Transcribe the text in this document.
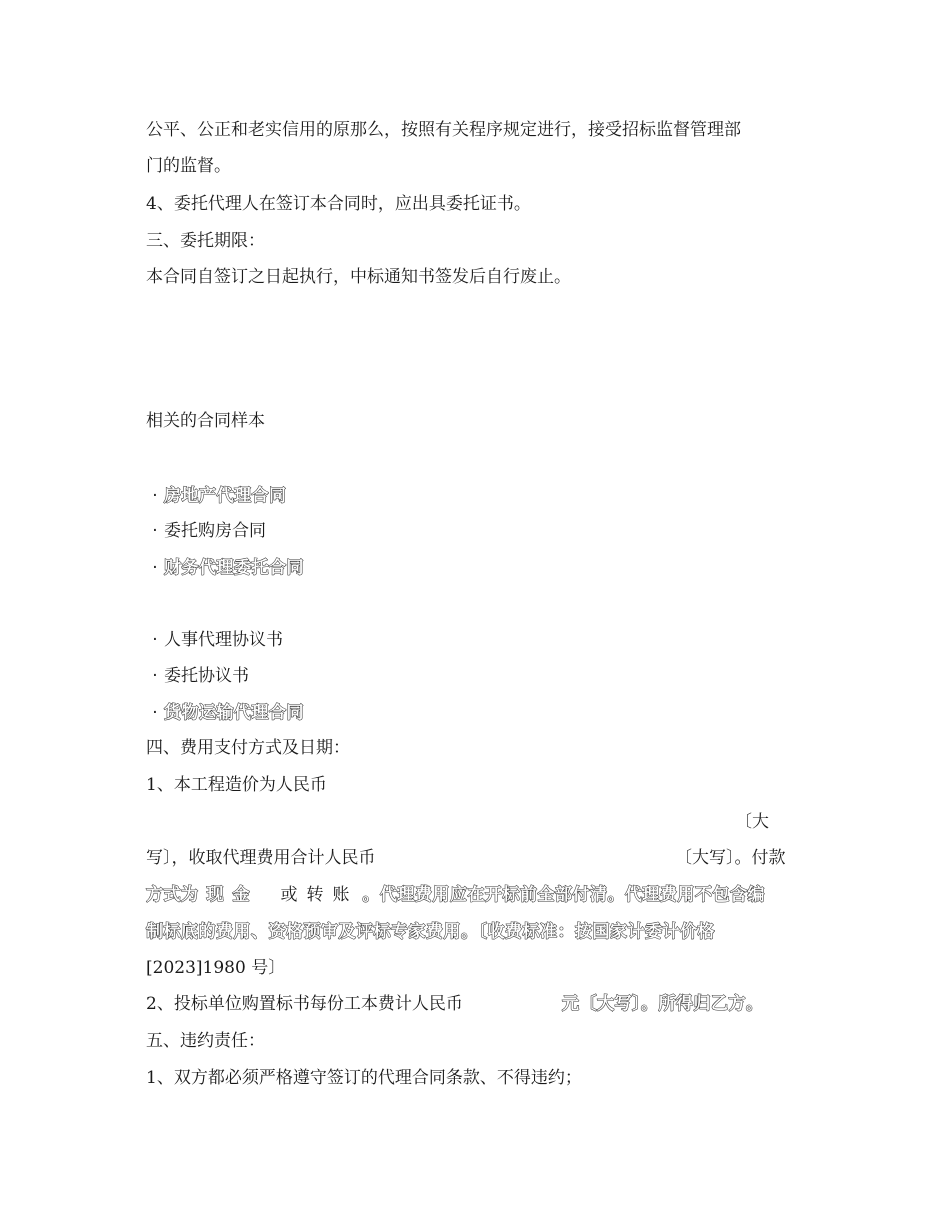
公平、公正和老实信用的原那么，按照有关程序规定进行，接受招标监督管理部
门的监督。
4、委托代理人在签订本合同时，应出具委托证书。
三、委托期限：
本合同自签订之日起执行，中标通知书签发后自行废止。
相关的合同样本
· 房地产代理合同
· 委托购房合同
· 财务代理委托合同
· 人事代理协议书
· 委托协议书
· 货物运输代理合同
四、费用支付方式及日期：
1、本工程造价为人民币
〔大
写〕，收取代理费用合计人民币	〔大写〕。付款
方式为 现金 或转账 。代理费用应在开标前全部付清。代理费用不包含编
制标底的费用、资格预审及评标专家费用。〔收费标准：按国家计委计价格
[2023]1980 号〕
2、投标单位购置标书每份工本费计人民币	元〔大写〕。所得归乙方。
五、违约责任：
1、双方都必须严格遵守签订的代理合同条款、不得违约；
